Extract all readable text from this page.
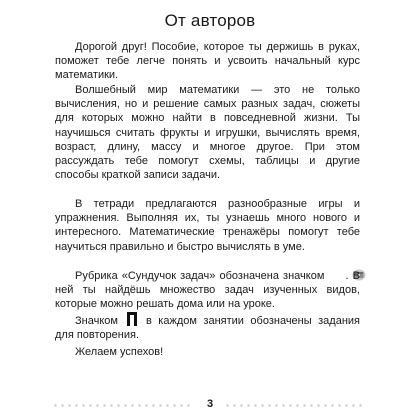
От авторов

Дорогой друг! Пособие, которое ты держишь в руках, поможет тебе легче понять и усвоить начальный курс математики.

Волшебный мир математики — это не только вычисления, но и решение самых разных задач, сюжеты для которых можно найти в повседневной жизни. Ты научишься считать фрукты и игрушки, вычислять время, возраст, длину, массу и многое другое. При этом рассуждать тебе помогут схемы, таблицы и другие способы краткой записи задачи.

В тетради предлагаются разнообразные игры и упражнения. Выполняя их, ты узнаешь много нового и интересного. Математические тренажёры помогут тебе научиться правильно и быстро вычислять в уме.

Рубрика «Сундучок задач» обозначена значком . В ней ты найдёшь множество задач изученных видов, которые можно решать дома или на уроке.

Значком	в каждом занятии обозначены задания для повторения.

Желаем успехов!

3
